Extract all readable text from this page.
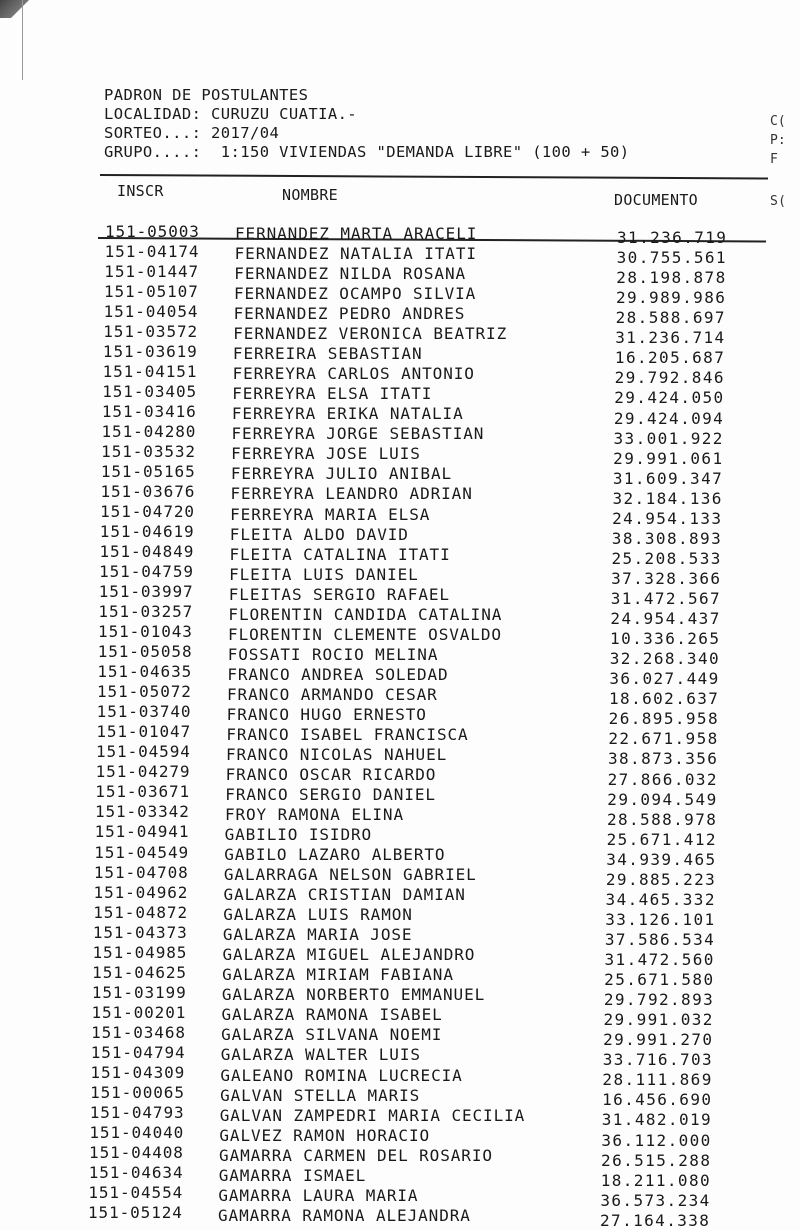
PADRON DE POSTULANTES
LOCALIDAD: CURUZU CUATIA.-
SORTEO...: 2017/04
GRUPO....:  1:150 VIVIENDAS "DEMANDA LIBRE" (100 + 50)
C(
P:
F
INSCR	NOMBRE	DOCUMENTO	S(
151-05003 FERNANDEZ MARTA ARACELI	31.236.719
151-04174 FERNANDEZ NATALIA ITATI	30.755.561
151-01447 FERNANDEZ NILDA ROSANA	28.198.878
151-05107 FERNANDEZ OCAMPO SILVIA	29.989.986
151-04054 FERNANDEZ PEDRO ANDRES	28.588.697
151-03572 FERNANDEZ VERONICA BEATRIZ	31.236.714
151-03619 FERREIRA SEBASTIAN	16.205.687
151-04151 FERREYRA CARLOS ANTONIO	29.792.846
151-03405 FERREYRA ELSA ITATI	29.424.050
151-03416 FERREYRA ERIKA NATALIA	29.424.094
151-04280 FERREYRA JORGE SEBASTIAN	33.001.922
151-03532 FERREYRA JOSE LUIS	29.991.061
151-05165 FERREYRA JULIO ANIBAL	31.609.347
151-03676 FERREYRA LEANDRO ADRIAN	32.184.136
151-04720 FERREYRA MARIA ELSA	24.954.133
151-04619 FLEITA ALDO DAVID	38.308.893
151-04849 FLEITA CATALINA ITATI	25.208.533
151-04759 FLEITA LUIS DANIEL	37.328.366
151-03997 FLEITAS SERGIO RAFAEL	31.472.567
151-03257 FLORENTIN CANDIDA CATALINA	24.954.437
151-01043 FLORENTIN CLEMENTE OSVALDO	10.336.265
151-05058 FOSSATI ROCIO MELINA	32.268.340
151-04635 FRANCO ANDREA SOLEDAD	36.027.449
151-05072 FRANCO ARMANDO CESAR	18.602.637
151-03740 FRANCO HUGO ERNESTO	26.895.958
151-01047 FRANCO ISABEL FRANCISCA	22.671.958
151-04594 FRANCO NICOLAS NAHUEL	38.873.356
151-04279 FRANCO OSCAR RICARDO	27.866.032
151-03671 FRANCO SERGIO DANIEL	29.094.549
151-03342 FROY RAMONA ELINA	28.588.978
151-04941 GABILIO ISIDRO	25.671.412
151-04549 GABILO LAZARO ALBERTO	34.939.465
151-04708 GALARRAGA NELSON GABRIEL	29.885.223
151-04962 GALARZA CRISTIAN DAMIAN	34.465.332
151-04872 GALARZA LUIS RAMON	33.126.101
151-04373 GALARZA MARIA JOSE	37.586.534
151-04985 GALARZA MIGUEL ALEJANDRO	31.472.560
151-04625 GALARZA MIRIAM FABIANA	25.671.580
151-03199 GALARZA NORBERTO EMMANUEL	29.792.893
151-00201 GALARZA RAMONA ISABEL	29.991.032
151-03468 GALARZA SILVANA NOEMI	29.991.270
151-04794 GALARZA WALTER LUIS	33.716.703
151-04309 GALEANO ROMINA LUCRECIA	28.111.869
151-00065 GALVAN STELLA MARIS	16.456.690
151-04793 GALVAN ZAMPEDRI MARIA CECILIA	31.482.019
151-04040 GALVEZ RAMON HORACIO	36.112.000
151-04408 GAMARRA CARMEN DEL ROSARIO	26.515.288
151-04634 GAMARRA ISMAEL	18.211.080
151-04554 GAMARRA LAURA MARIA	36.573.234
151-05124 GAMARRA RAMONA ALEJANDRA	27.164.338
